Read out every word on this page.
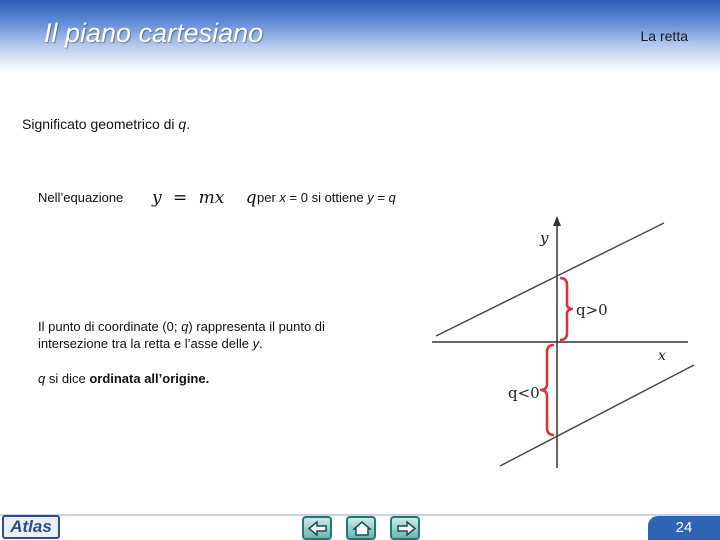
Il piano cartesiano	La retta
Significato geometrico di q.
Nell’equazione y = mx q per x = 0 si ottiene y = q
Il punto di coordinate (0; q) rappresenta il punto di intersezione tra la retta e l’asse delle y.
q si dice ordinata all’origine.
y
x
q>0
q<0
Atlas	24
